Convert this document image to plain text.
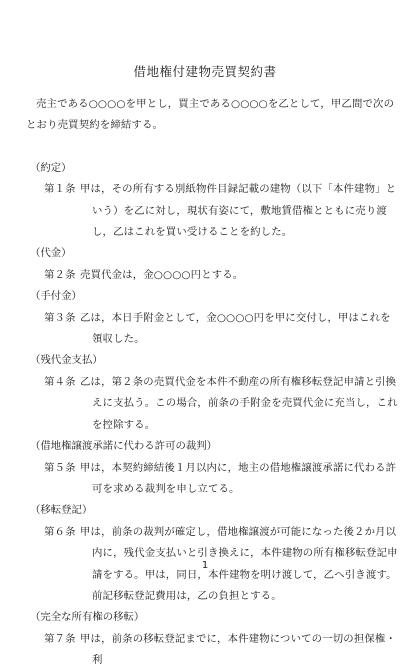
借地権付建物売買契約書

売主である○○○○を甲とし，買主である○○○○を乙として，甲乙間で次のとおり売買契約を締結する。

（約定）

第１条 甲は，その所有する別紙物件目録記載の建物（以下「本件建物」という）を乙に対し，現状有姿にて，敷地賃借権とともに売り渡し，乙はこれを買い受けることを約した。

（代金）

第２条 売買代金は，金○○○○円とする。

（手付金）

第３条 乙は，本日手附金として，金○○○○円を甲に交付し，甲はこれを領収した。

（残代金支払）

第４条 乙は，第２条の売買代金を本件不動産の所有権移転登記申請と引換えに支払う。この場合，前条の手附金を売買代金に充当し，これを控除する。

（借地権譲渡承諾に代わる許可の裁判）

第５条 甲は，本契約締結後１月以内に，地主の借地権譲渡承諾に代わる許可を求める裁判を申し立てる。

（移転登記）

第６条 甲は，前条の裁判が確定し，借地権譲渡が可能になった後２か月以内に，残代金支払いと引き換えに，本件建物の所有権移転登記申請をする。甲は，同日，本件建物を明け渡して，乙へ引き渡す。前記移転登記費用は，乙の負担とする。

（完全な所有権の移転）

第７条 甲は，前条の移転登記までに，本件建物についての一切の担保権・利

1
